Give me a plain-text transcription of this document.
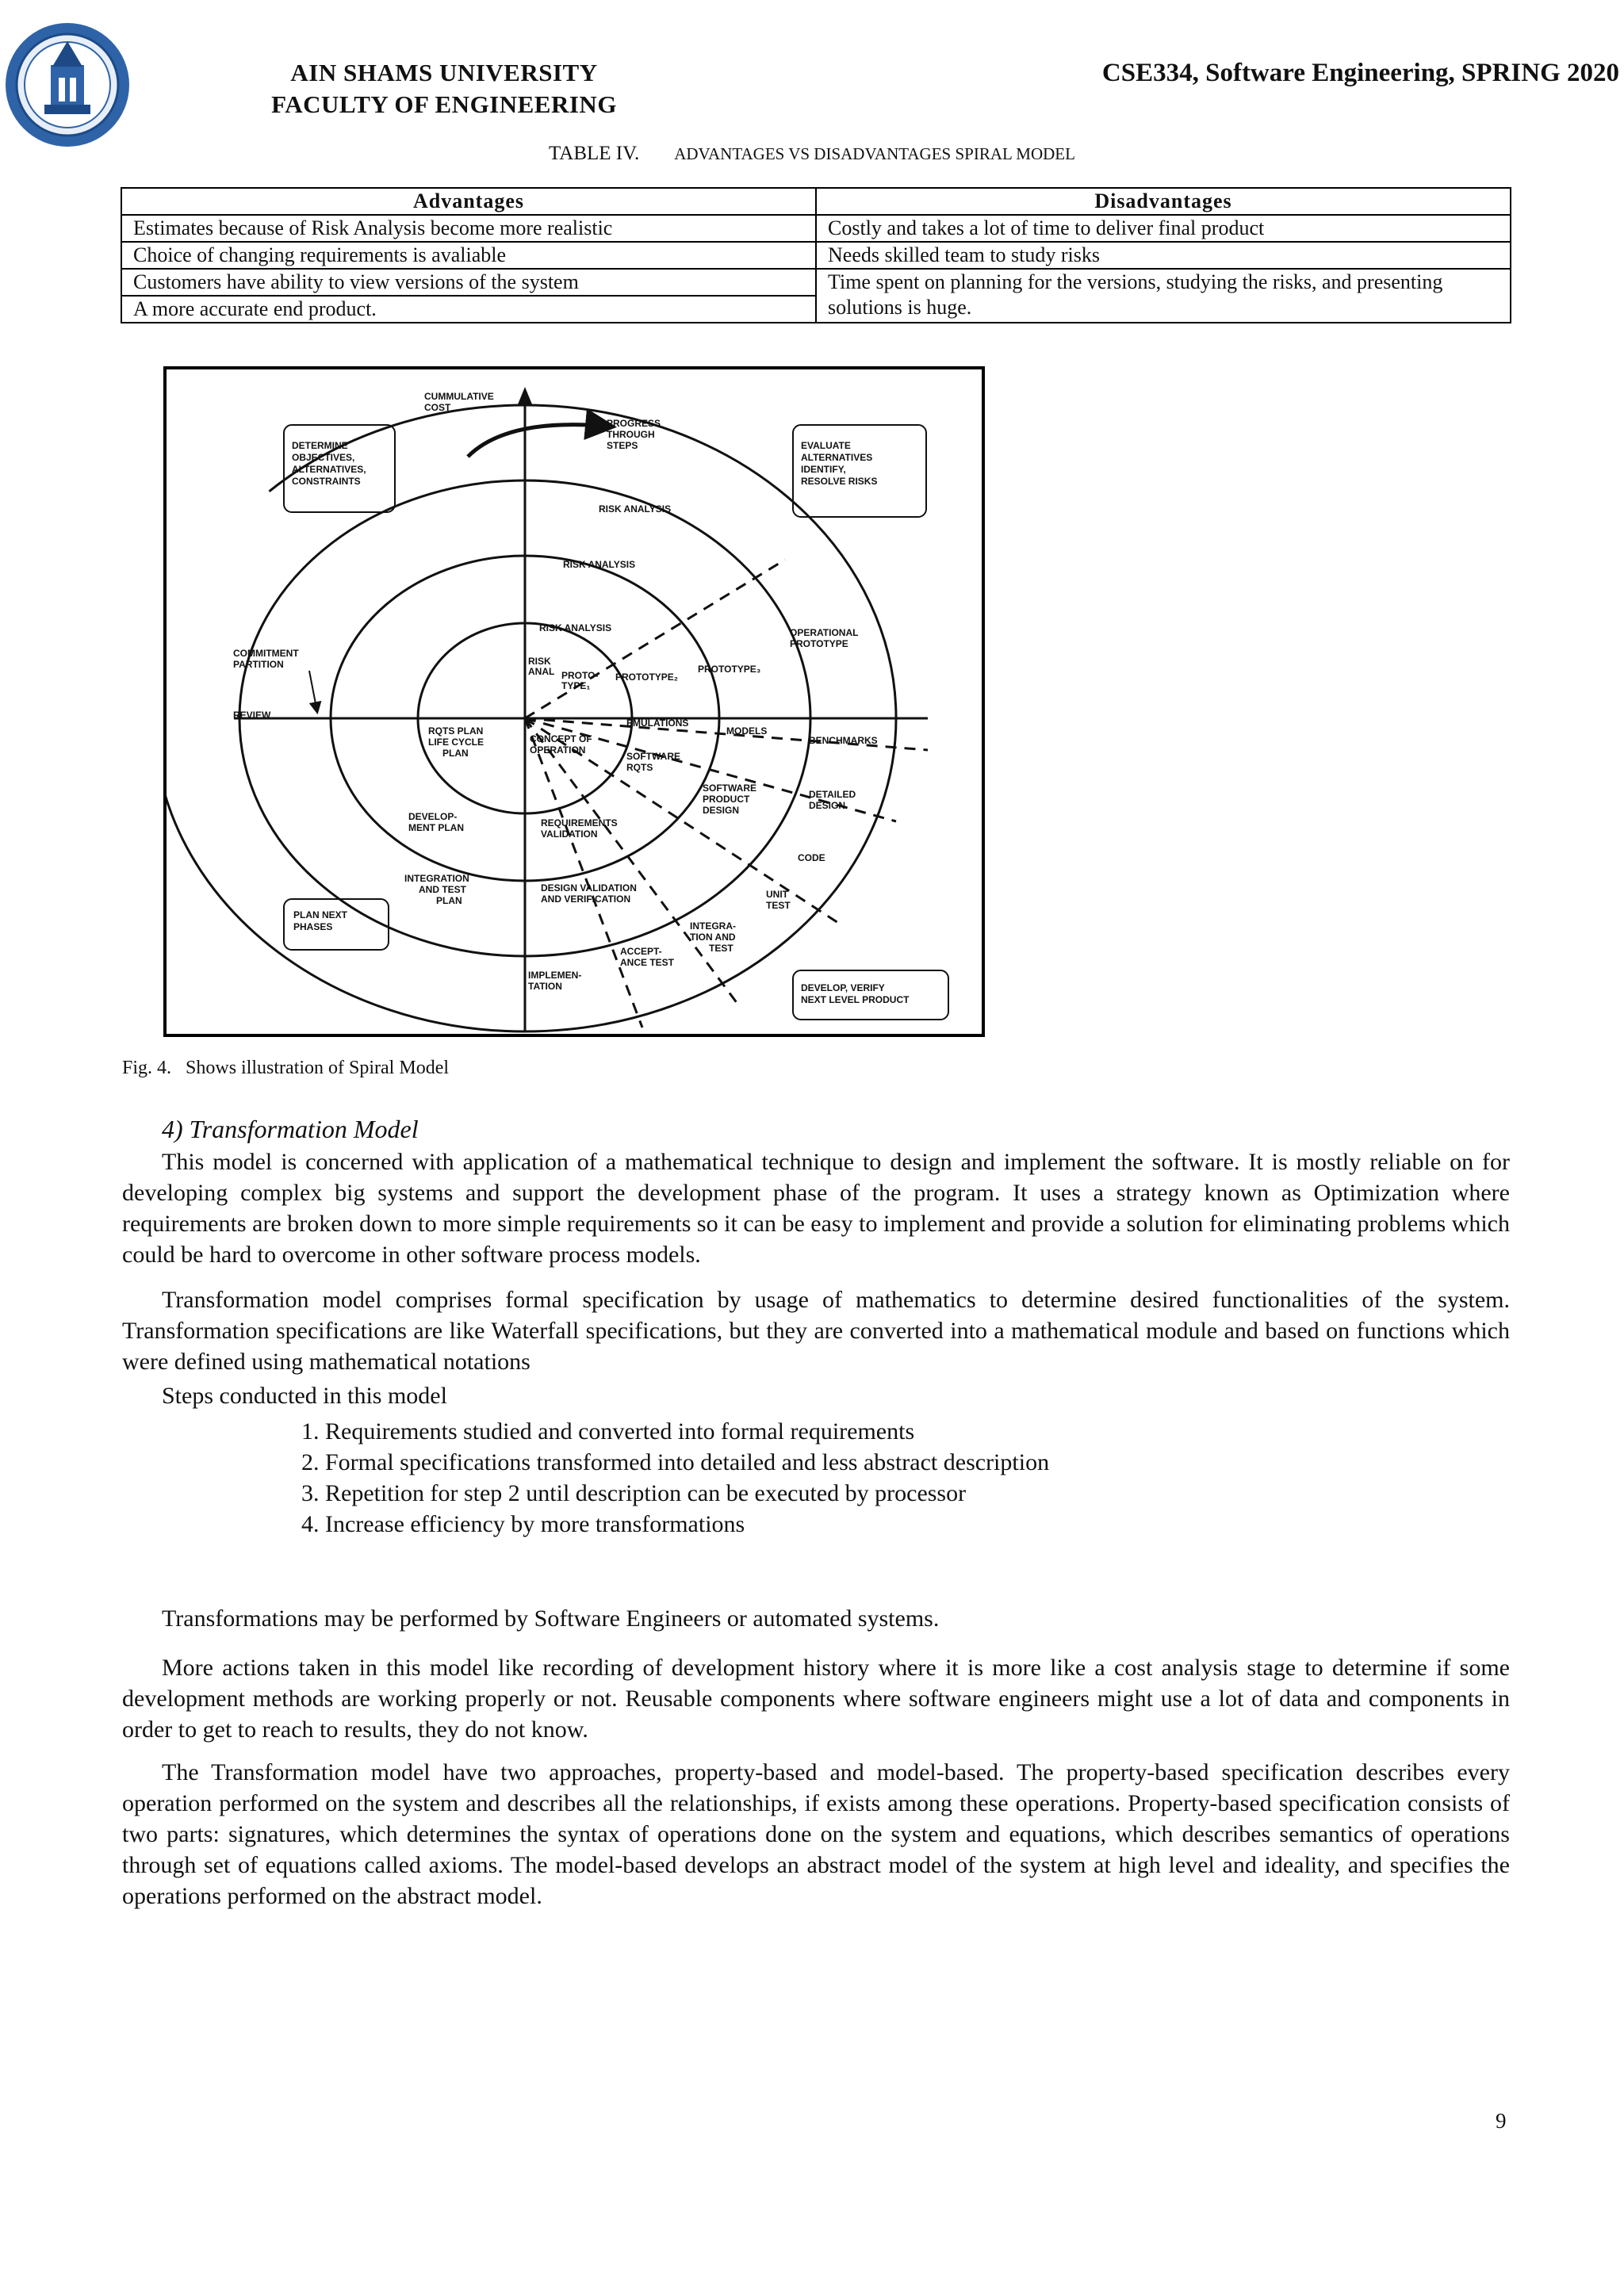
AIN SHAMS UNIVERSITY
FACULTY OF ENGINEERING
CSE334, Software Engineering, SPRING 2020
TABLE IV. ADVANTAGES VS DISADVANTAGES SPIRAL MODEL
Advantages	Disadvantages
Estimates because of Risk Analysis become more realistic	Costly and takes a lot of time to deliver final product
Choice of changing requirements is avaliable	Needs skilled team to study risks
Customers have ability to view versions of the system	Time spent on planning for the versions, studying the risks, and presenting solutions is huge.
A more accurate end product.	
CUMMULATIVE COST
PROGRESS THROUGH STEPS
DETERMINE OBJECTIVES, ALTERNATIVES, CONSTRAINTS
EVALUATE ALTERNATIVES IDENTIFY, RESOLVE RISKS
RISK ANALYSIS
RISK ANALYSIS
RISK ANALYSIS
RISK ANAL PROTO-TYPE₁
PROTOTYPE₂
PROTOTYPE₃
OPERATIONAL PROTOTYPE
COMMITMENT PARTITION
REVIEW
EMULATIONS
MODELS
BENCHMARKS
RQTS PLAN LIFE CYCLE PLAN
CONCEPT OF OPERATION
SOFTWARE RQTS
SOFTWARE PRODUCT DESIGN
DETAILED DESIGN
DEVELOP-MENT PLAN	REQUIREMENTS VALIDATION
CODE
INTEGRATION AND TEST PLAN
DESIGN VALIDATION AND VERIFICATION	UNIT TEST
PLAN NEXT PHASES	INTEGRA-TION AND TEST
ACCEPT-ANCE TEST
IMPLEMEN-TATION	DEVELOP, VERIFY NEXT LEVEL PRODUCT
Fig. 4. Shows illustration of Spiral Model
4) Transformation Model
This model is concerned with application of a mathematical technique to design and implement the software. It is mostly reliable on for developing complex big systems and support the development phase of the program. It uses a strategy known as Optimization where requirements are broken down to more simple requirements so it can be easy to implement and provide a solution for eliminating problems which could be hard to overcome in other software process models.
Transformation model comprises formal specification by usage of mathematics to determine desired functionalities of the system. Transformation specifications are like Waterfall specifications, but they are converted into a mathematical module and based on functions which were defined using mathematical notations
Steps conducted in this model
1. Requirements studied and converted into formal requirements
2. Formal specifications transformed into detailed and less abstract description
3. Repetition for step 2 until description can be executed by processor
4. Increase efficiency by more transformations
Transformations may be performed by Software Engineers or automated systems.
More actions taken in this model like recording of development history where it is more like a cost analysis stage to determine if some development methods are working properly or not. Reusable components where software engineers might use a lot of data and components in order to get to reach to results, they do not know.
The Transformation model have two approaches, property-based and model-based. The property-based specification describes every operation performed on the system and describes all the relationships, if exists among these operations. Property-based specification consists of two parts: signatures, which determines the syntax of operations done on the system and equations, which describes semantics of operations through set of equations called axioms. The model-based develops an abstract model of the system at high level and ideality, and specifies the operations performed on the abstract model.
9
